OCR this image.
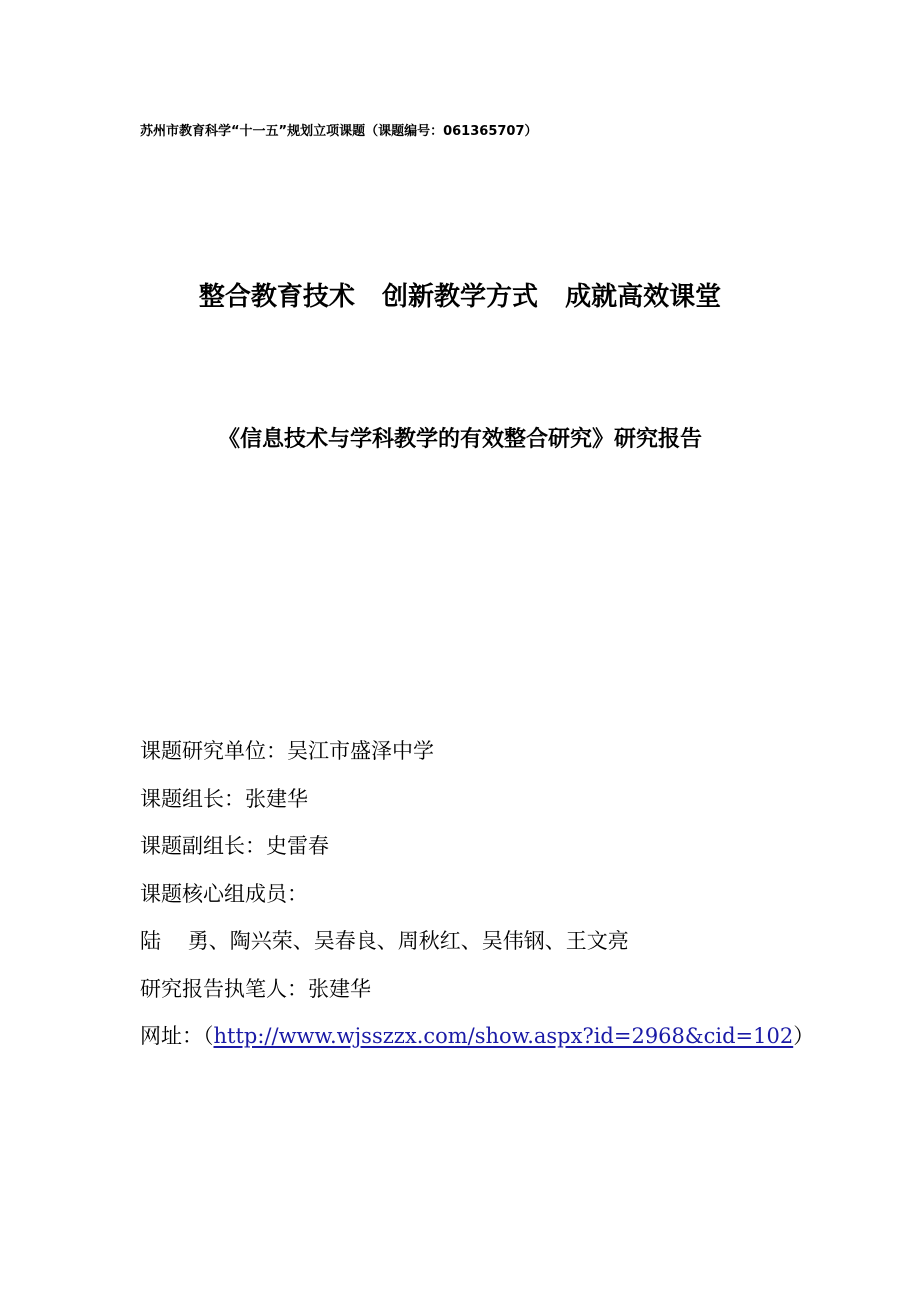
苏州市教育科学“十一五”规划立项课题（课题编号：061365707）
整合教育技术   创新教学方式   成就高效课堂
《信息技术与学科教学的有效整合研究》研究报告
课题研究单位：吴江市盛泽中学
课题组长：张建华
课题副组长：史雷春
课题核心组成员：
陆    勇、陶兴荣、吴春良、周秋红、吴伟钢、王文亮
研究报告执笔人：张建华
网址：（http://www.wjsszzx.com/show.aspx?id=2968&cid=102）
